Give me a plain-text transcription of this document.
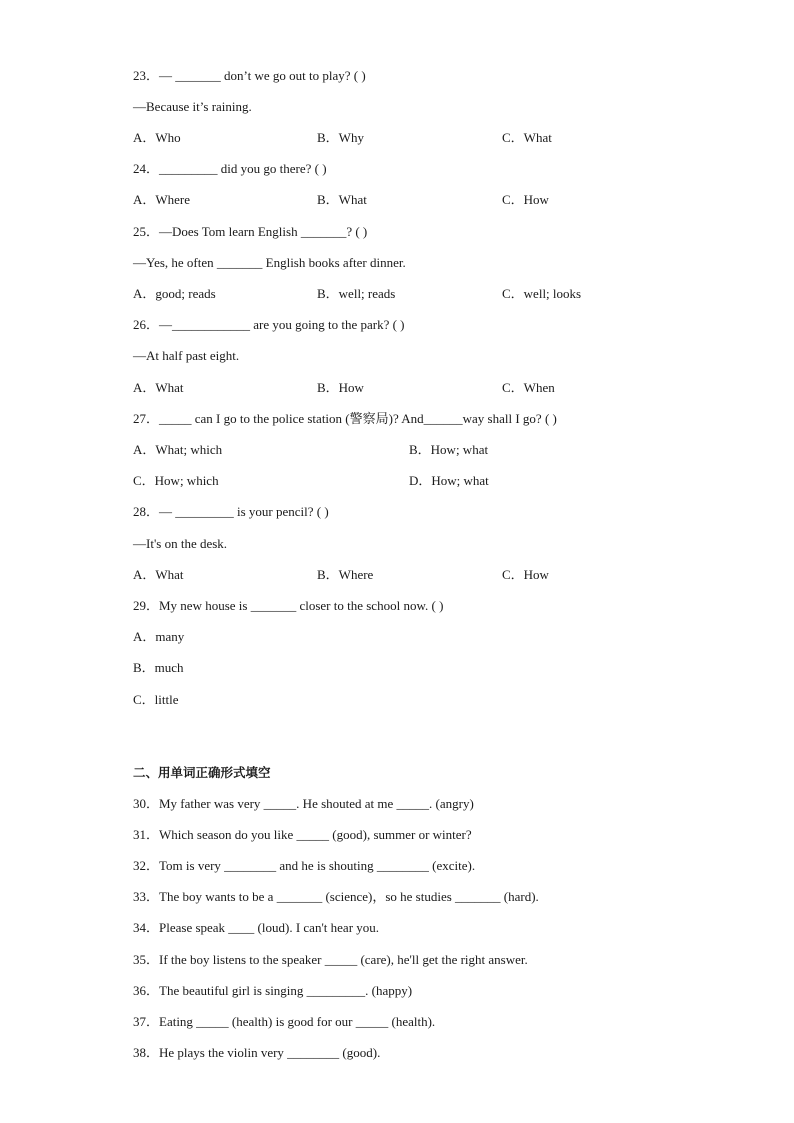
23．— _______ don’t we go out to play? ( )
—Because it’s raining.
A．Who	B．Why	C．What
24．_________ did you go there? ( )
A．Where	B．What	C．How
25．—Does Tom learn English _______? ( )
—Yes, he often _______ English books after dinner.
A．good; reads	B．well; reads	C．well; looks
26．—____________ are you going to the park? ( )
—At half past eight.
A．What	B．How	C．When
27．_____ can I go to the police station (警察局)? And______way shall I go? ( )
A．What; which	B．How; what
C．How; which	D．How; what
28．— _________ is your pencil? ( )
—It's on the desk.
A．What	B．Where	C．How
29．My new house is _______ closer to the school now. ( )
A．many
B．much
C．little
二、用单词正确形式填空
30．My father was very _____. He shouted at me _____. (angry)
31．Which season do you like _____ (good), summer or winter?
32．Tom is very ________ and he is shouting ________ (excite).
33．The boy wants to be a _______ (science)，so he studies _______ (hard).
34．Please speak ____ (loud). I can't hear you.
35．If the boy listens to the speaker _____ (care), he'll get the right answer.
36．The beautiful girl is singing _________. (happy)
37．Eating _____ (health) is good for our _____ (health).
38．He plays the violin very ________ (good).
